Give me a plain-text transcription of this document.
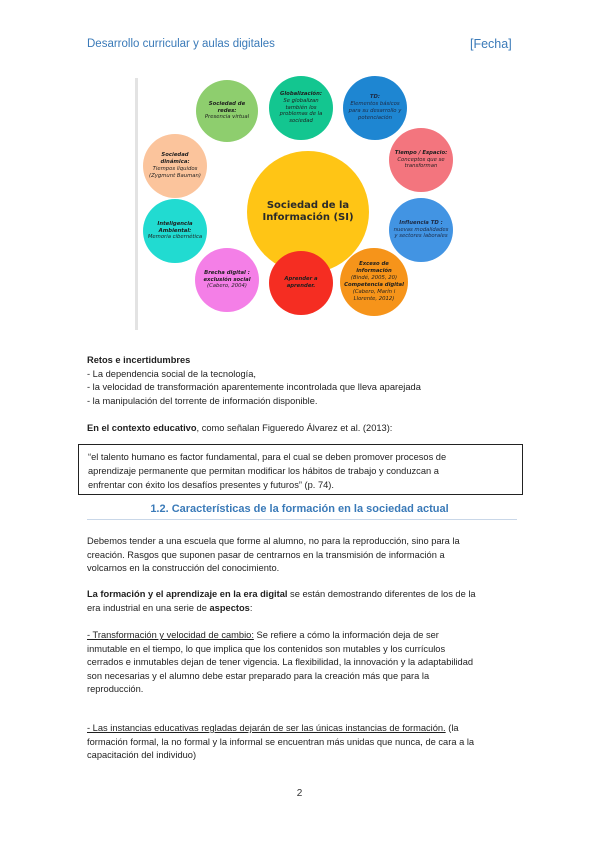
Desarrollo curricular y aulas digitales	[Fecha]
Sociedad de la Información (SI)
Sociedad de redes:
Presencia virtual
Globalización:
Se globalizan también los problemas de la sociedad
TD:
Elementos básicos para su desarrollo y potenciación
Sociedad dinámica:
Tiempos líquidos (Zygmunt Bauman)
Tiempo / Espacio:
Conceptos que se transforman
Inteligencia Ambiental:
Memoria cibernética
Influencia TD :
nuevas modalidades y sectores laborales
Brecha digital : exclusión social
(Cabero, 2004)
Aprender a aprender.
Exceso de información
(Bindé, 2005, 20)
Competencia digital
(Cabero, Marín i Llorente, 2012)
Retos e incertidumbres
- La dependencia social de la tecnología,
- la velocidad de transformación aparentemente incontrolada que lleva aparejada
- la manipulación del torrente de información disponible.
En el contexto educativo, como señalan Figueredo Álvarez et al. (2013):
“el talento humano es factor fundamental, para el cual se deben promover procesos de
aprendizaje permanente que permitan modificar los hábitos de trabajo y conduzcan a
enfrentar con éxito los desafíos presentes y futuros” (p. 74).
1.2. Características de la formación en la sociedad actual
Debemos tender a una escuela que forme al alumno, no para la reproducción, sino para la
creación. Rasgos que suponen pasar de centrarnos en la transmisión de información a
volcarnos en la construcción del conocimiento.
La formación y el aprendizaje en la era digital se están demostrando diferentes de los de la
era industrial en una serie de aspectos:
- Transformación y velocidad de cambio: Se refiere a cómo la información deja de ser
inmutable en el tiempo, lo que implica que los contenidos son mutables y los currículos
cerrados e inmutables dejan de tener vigencia. La flexibilidad, la innovación y la adaptabilidad
son necesarias y el alumno debe estar preparado para la creación más que para la
reproducción.
- Las instancias educativas regladas dejarán de ser las únicas instancias de formación. (la
formación formal, la no formal y la informal se encuentran más unidas que nunca, de cara a la
capacitación del individuo)
2
